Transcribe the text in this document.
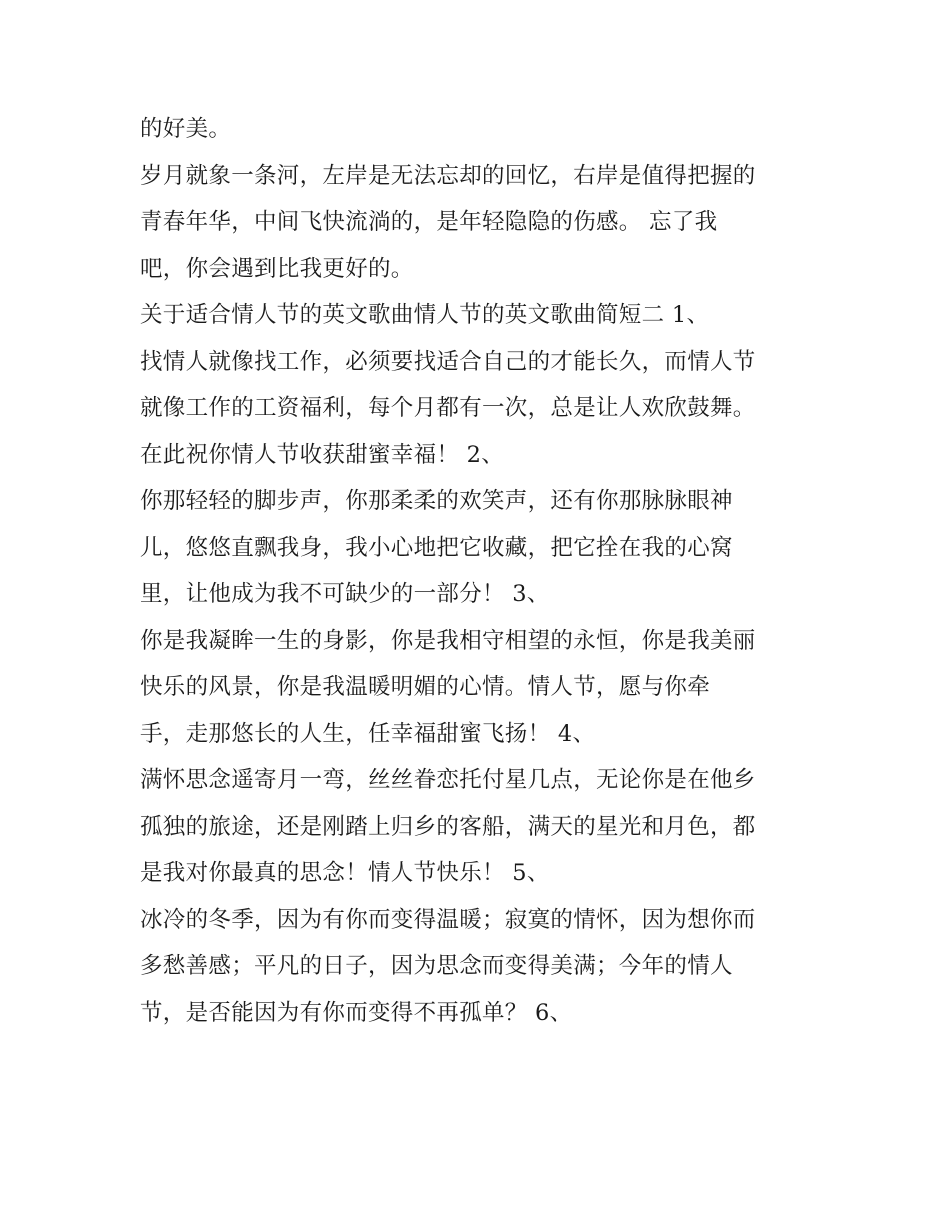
的好美。
岁月就象一条河，左岸是无法忘却的回忆，右岸是值得把握的
青春年华，中间飞快流淌的，是年轻隐隐的伤感。 忘了我
吧，你会遇到比我更好的。
关于适合情人节的英文歌曲情人节的英文歌曲简短二 1、
找情人就像找工作，必须要找适合自己的才能长久，而情人节
就像工作的工资福利，每个月都有一次，总是让人欢欣鼓舞。
在此祝你情人节收获甜蜜幸福！ 2、
你那轻轻的脚步声，你那柔柔的欢笑声，还有你那脉脉眼神
儿，悠悠直飘我身，我小心地把它收藏，把它拴在我的心窝
里，让他成为我不可缺少的一部分！ 3、
你是我凝眸一生的身影，你是我相守相望的永恒，你是我美丽
快乐的风景，你是我温暖明媚的心情。情人节，愿与你牵
手，走那悠长的人生，任幸福甜蜜飞扬！ 4、
满怀思念遥寄月一弯，丝丝眷恋托付星几点，无论你是在他乡
孤独的旅途，还是刚踏上归乡的客船，满天的星光和月色，都
是我对你最真的思念！情人节快乐！ 5、
冰冷的冬季，因为有你而变得温暖；寂寞的情怀，因为想你而
多愁善感；平凡的日子，因为思念而变得美满；今年的情人
节，是否能因为有你而变得不再孤单？ 6、
